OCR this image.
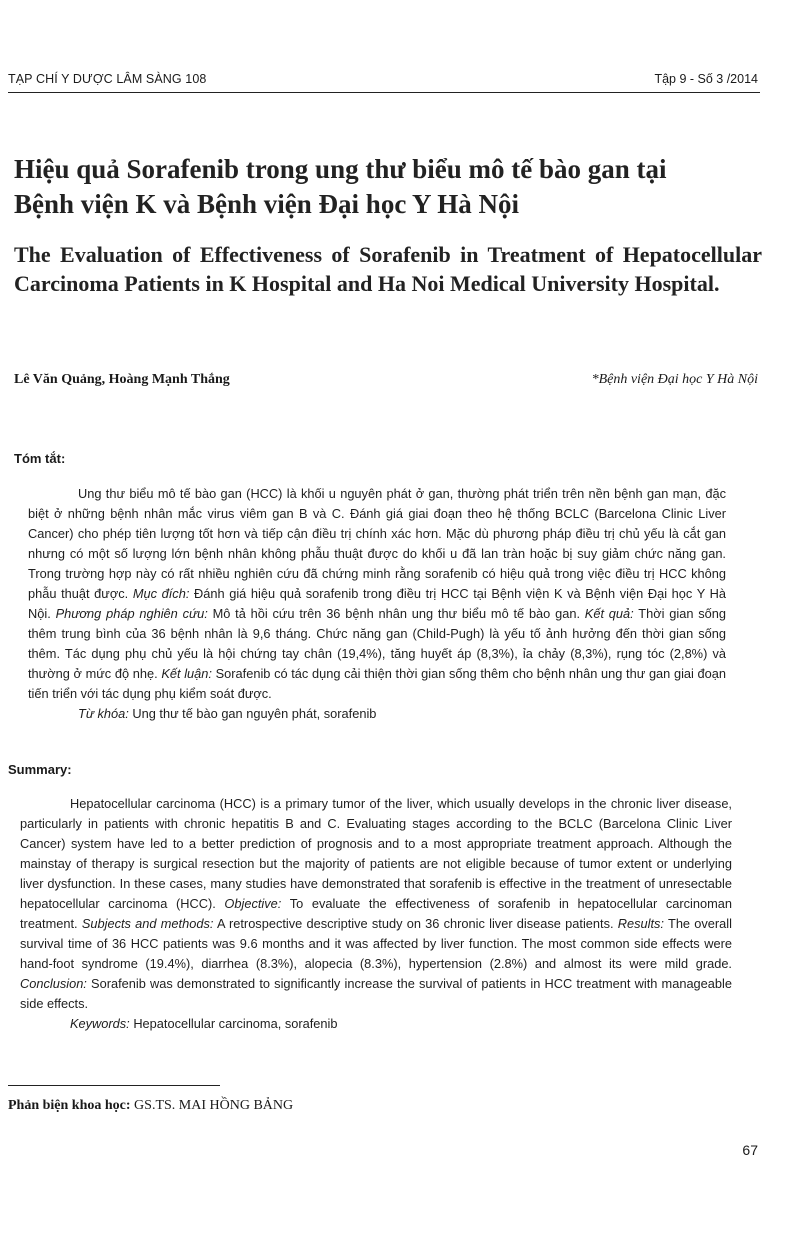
TẠP CHÍ Y DƯỢC LÂM SÀNG 108	Tập 9 - Số 3 /2014
Hiệu quả Sorafenib trong ung thư biểu mô tế bào gan tại
Bệnh viện K và Bệnh viện Đại học Y Hà Nội
The Evaluation of Effectiveness of Sorafenib in Treatment of Hepatocellular Carcinoma Patients in K Hospital and Ha Noi Medical University Hospital.
Lê Văn Quảng, Hoàng Mạnh Thắng	*Bệnh viện Đại học Y Hà Nội
Tóm tắt:

Ung thư biểu mô tế bào gan (HCC) là khối u nguyên phát ở gan, thường phát triển trên nền bệnh gan mạn, đặc biệt ở những bệnh nhân mắc virus viêm gan B và C. Đánh giá giai đoạn theo hệ thống BCLC (Barcelona Clinic Liver Cancer) cho phép tiên lượng tốt hơn và tiếp cận điều trị chính xác hơn. Mặc dù phương pháp điều trị chủ yếu là cắt gan nhưng có một số lượng lớn bệnh nhân không phẫu thuật được do khối u đã lan tràn hoặc bị suy giảm chức năng gan. Trong trường hợp này có rất nhiều nghiên cứu đã chứng minh rằng sorafenib có hiệu quả trong việc điều trị HCC không phẫu thuật được. Mục đích: Đánh giá hiệu quả sorafenib trong điều trị HCC tại Bệnh viện K và Bệnh viện Đại học Y Hà Nội. Phương pháp nghiên cứu: Mô tả hồi cứu trên 36 bệnh nhân ung thư biểu mô tế bào gan. Kết quả: Thời gian sống thêm trung bình của 36 bệnh nhân là 9,6 tháng. Chức năng gan (Child-Pugh) là yếu tố ảnh hưởng đến thời gian sống thêm. Tác dụng phụ chủ yếu là hội chứng tay chân (19,4%), tăng huyết áp (8,3%), ỉa chảy (8,3%), rụng tóc (2,8%) và thường ở mức độ nhẹ. Kết luận: Sorafenib có tác dụng cải thiện thời gian sống thêm cho bệnh nhân ung thư gan giai đoạn tiến triển với tác dụng phụ kiểm soát được.

Từ khóa: Ung thư tế bào gan nguyên phát, sorafenib

Summary:

Hepatocellular carcinoma (HCC) is a primary tumor of the liver, which usually develops in the chronic liver disease, particularly in patients with chronic hepatitis B and C. Evaluating stages according to the BCLC (Barcelona Clinic Liver Cancer) system have led to a better prediction of prognosis and to a most appropriate treatment approach. Although the mainstay of therapy is surgical resection but the majority of patients are not eligible because of tumor extent or underlying liver dysfunction. In these cases, many studies have demonstrated that sorafenib is effective in the treatment of unresectable hepatocellular carcinoma (HCC). Objective: To evaluate the effectiveness of sorafenib in hepatocellular carcinoman treatment. Subjects and methods: A retrospective descriptive study on 36 chronic liver disease patients. Results: The overall survival time of 36 HCC patients was 9.6 months and it was affected by liver function. The most common side effects were hand-foot syndrome (19.4%), diarrhea (8.3%), alopecia (8.3%), hypertension (2.8%) and almost its were mild grade. Conclusion: Sorafenib was demonstrated to significantly increase the survival of patients in HCC treatment with manageable side effects.

Keywords: Hepatocellular carcinoma, sorafenib

Phản biện khoa học: GS.TS. MAI HỒNG BẢNG
67
